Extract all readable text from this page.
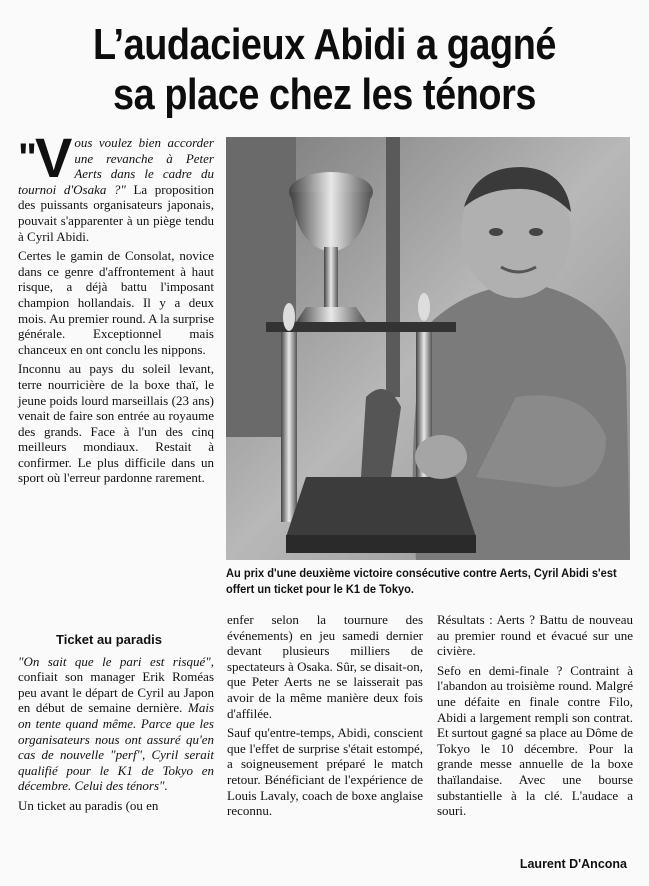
L’audacieux Abidi a gagné
sa place chez les ténors

"V ous voulez bien accorder une revanche à Peter Aerts dans le cadre du tournoi d'Osaka ?" La proposition des puissants organisateurs japonais, pouvait s'apparenter à un piège tendu à Cyril Abidi.

Certes le gamin de Consolat, novice dans ce genre d'affrontement à haut risque, a déjà battu l'imposant champion hollandais. Il y a deux mois. Au premier round. A la surprise générale. Exceptionnel mais chanceux en ont conclu les nippons.

Inconnu au pays du soleil levant, terre nourricière de la boxe thaï, le jeune poids lourd marseillais (23 ans) venait de faire son entrée au royaume des grands. Face à l'un des cinq meilleurs mondiaux. Restait à confirmer. Le plus difficile dans un sport où l'erreur pardonne rarement.

Au prix d'une deuxième victoire consécutive contre Aerts, Cyril Abidi s'est offert un ticket pour le K1 de Tokyo.

Ticket au paradis

"On sait que le pari est risqué", confiait son manager Erik Roméas peu avant le départ de Cyril au Japon en début de semaine dernière. Mais on tente quand même. Parce que les organisateurs nous ont assuré qu'en cas de nouvelle "perf", Cyril serait qualifié pour le K1 de Tokyo en décembre. Celui des ténors".

Un ticket au paradis (ou en

enfer selon la tournure des événements) en jeu samedi dernier devant plusieurs milliers de spectateurs à Osaka. Sûr, se disait-on, que Peter Aerts ne se laisserait pas avoir de la même manière deux fois d'affilée.

Sauf qu'entre-temps, Abidi, conscient que l'effet de surprise s'était estompé, a soigneusement préparé le match retour. Bénéficiant de l'expérience de Louis Lavaly, coach de boxe anglaise reconnu.

Résultats : Aerts ? Battu de nouveau au premier round et évacué sur une civière.

Sefo en demi-finale ? Contraint à l'abandon au troisième round. Malgré une défaite en finale contre Filo, Abidi a largement rempli son contrat. Et surtout gagné sa place au Dôme de Tokyo le 10 décembre. Pour la grande messe annuelle de la boxe thaïlandaise. Avec une bourse substantielle à la clé. L'audace a souri.

Laurent D'Ancona
